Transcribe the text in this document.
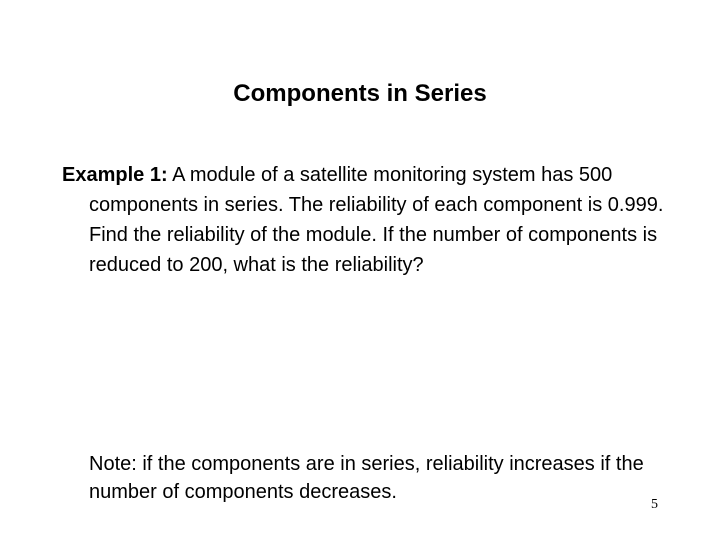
Components in Series
Example 1: A module of a satellite monitoring system has 500 components in series. The reliability of each component is 0.999. Find the reliability of the module. If the number of components is reduced to 200, what is the reliability?
Note: if the components are in series, reliability increases if the number of components decreases.
5
